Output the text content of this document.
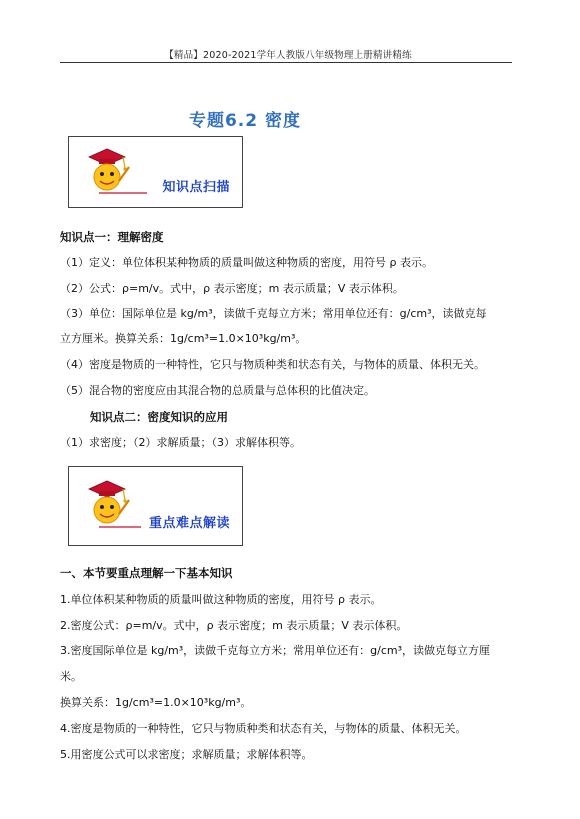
【精品】2020-2021学年人教版八年级物理上册精讲精练
专题6.2 密度
知识点扫描
知识点一：理解密度
（1）定义：单位体积某种物质的质量叫做这种物质的密度，用符号 ρ 表示。
（2）公式：ρ=m/v。式中，ρ 表示密度；m 表示质量；V 表示体积。
（3）单位：国际单位是 kg/m³，读做千克每立方米；常用单位还有：g/cm³，读做克每
立方厘米。换算关系：1g/cm³=1.0×10³kg/m³。
（4）密度是物质的一种特性，它只与物质种类和状态有关，与物体的质量、体积无关。
（5）混合物的密度应由其混合物的总质量与总体积的比值决定。
知识点二：密度知识的应用
（1）求密度；（2）求解质量；（3）求解体积等。
重点难点解读
一、本节要重点理解一下基本知识
1.单位体积某种物质的质量叫做这种物质的密度，用符号 ρ 表示。
2.密度公式：ρ=m/v。式中，ρ 表示密度；m 表示质量；V 表示体积。
3.密度国际单位是 kg/m³，读做千克每立方米；常用单位还有：g/cm³，读做克每立方厘
米。
换算关系：1g/cm³=1.0×10³kg/m³。
4.密度是物质的一种特性，它只与物质种类和状态有关，与物体的质量、体积无关。
5.用密度公式可以求密度；求解质量；求解体积等。
